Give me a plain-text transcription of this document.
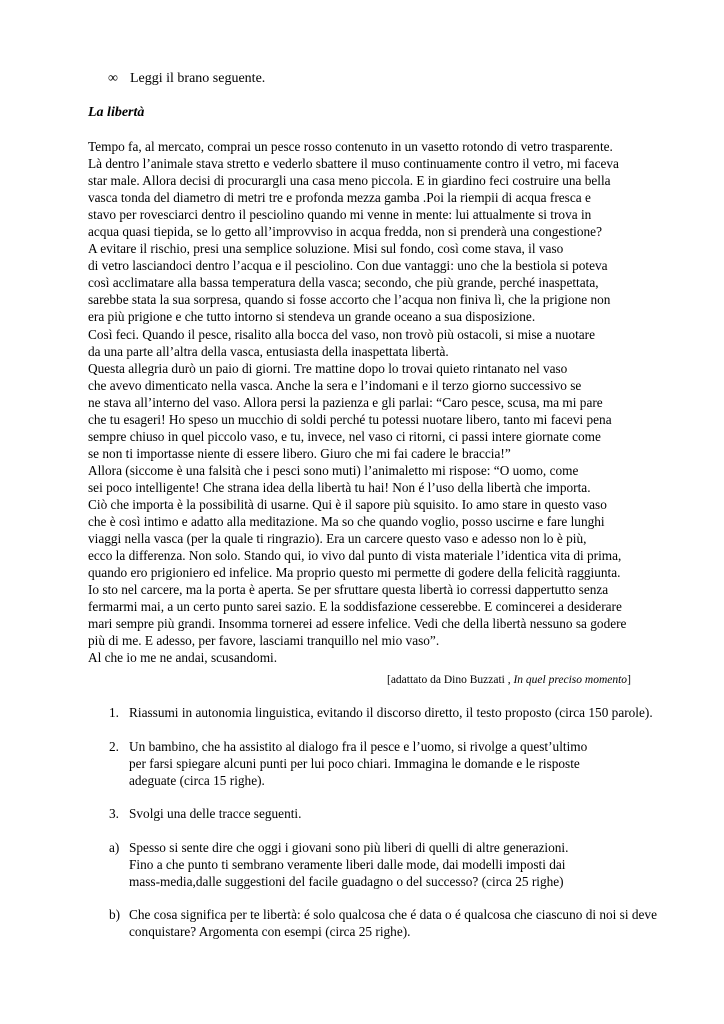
∞ Leggi il brano seguente.
La libertà
Tempo fa, al mercato, comprai un pesce rosso contenuto in un vasetto rotondo di vetro trasparente.
Là dentro l’animale stava stretto e vederlo sbattere il muso continuamente contro il vetro, mi faceva
star male. Allora decisi di procurargli una casa meno piccola. E in giardino feci costruire una bella
vasca tonda del diametro di metri tre e profonda mezza gamba .Poi la riempii di acqua fresca e
stavo per rovesciarci dentro il pesciolino quando mi venne in mente: lui attualmente si trova in
acqua quasi tiepida, se lo getto all’improvviso in acqua fredda, non si prenderà una congestione?
A evitare il rischio, presi una semplice soluzione. Misi sul fondo, così come stava, il vaso
di vetro lasciandoci dentro l’acqua e il pesciolino. Con due vantaggi: uno che la bestiola si poteva
così acclimatare alla bassa temperatura della vasca; secondo, che più grande, perché inaspettata,
sarebbe stata la sua sorpresa, quando si fosse accorto che l’acqua non finiva lì, che la prigione non
era più prigione e che tutto intorno si stendeva un grande oceano a sua disposizione.
Così feci. Quando il pesce, risalito alla bocca del vaso, non trovò più ostacoli, si mise a nuotare
da una parte all’altra della vasca, entusiasta della inaspettata libertà.
Questa allegria durò un paio di giorni. Tre mattine dopo lo trovai quieto rintanato nel vaso
che avevo dimenticato nella vasca. Anche la sera e l’indomani e il terzo giorno successivo se
ne stava all’interno del vaso. Allora persi la pazienza e gli parlai: “Caro pesce, scusa, ma mi pare
che tu esageri! Ho speso un mucchio di soldi perché tu potessi nuotare libero, tanto mi facevi pena
sempre chiuso in quel piccolo vaso, e tu, invece, nel vaso ci ritorni, ci passi intere giornate come
se non ti importasse niente di essere libero. Giuro che mi fai cadere le braccia!”
Allora (siccome è una falsità che i pesci sono muti) l’animaletto mi rispose: “O uomo, come
sei poco intelligente! Che strana idea della libertà tu hai! Non é l’uso della libertà che importa.
Ciò che importa è la possibilità di usarne. Qui è il sapore più squisito. Io amo stare in questo vaso
che è così intimo e adatto alla meditazione. Ma so che quando voglio, posso uscirne e fare lunghi
viaggi nella vasca (per la quale ti ringrazio). Era un carcere questo vaso e adesso non lo è più,
ecco la differenza. Non solo. Stando qui, io vivo dal punto di vista materiale l’identica vita di prima,
quando ero prigioniero ed infelice. Ma proprio questo mi permette di godere della felicità raggiunta.
Io sto nel carcere, ma la porta è aperta. Se per sfruttare questa libertà io corressi dappertutto senza
fermarmi mai, a un certo punto sarei sazio. E la soddisfazione cesserebbe. E comincerei a desiderare
mari sempre più grandi. Insomma tornerei ad essere infelice. Vedi che della libertà nessuno sa godere
più di me. E adesso, per favore, lasciami tranquillo nel mio vaso”.
Al che io me ne andai, scusandomi.
[adattato da Dino Buzzati , In quel preciso momento]
1. Riassumi in autonomia linguistica, evitando il discorso diretto, il testo proposto (circa 150 parole).
2. Un bambino, che ha assistito al dialogo fra il pesce e l’uomo, si rivolge a quest’ultimo
per farsi spiegare alcuni punti per lui poco chiari. Immagina le domande e le risposte
adeguate (circa 15 righe).
3. Svolgi una delle tracce seguenti.
a) Spesso si sente dire che oggi i giovani sono più liberi di quelli di altre generazioni.
Fino a che punto ti sembrano veramente liberi dalle mode, dai modelli imposti dai
mass-media,dalle suggestioni del facile guadagno o del successo? (circa 25 righe)
b) Che cosa significa per te libertà: é solo qualcosa che é data o é qualcosa che ciascuno di noi si deve
conquistare? Argomenta con esempi (circa 25 righe).
